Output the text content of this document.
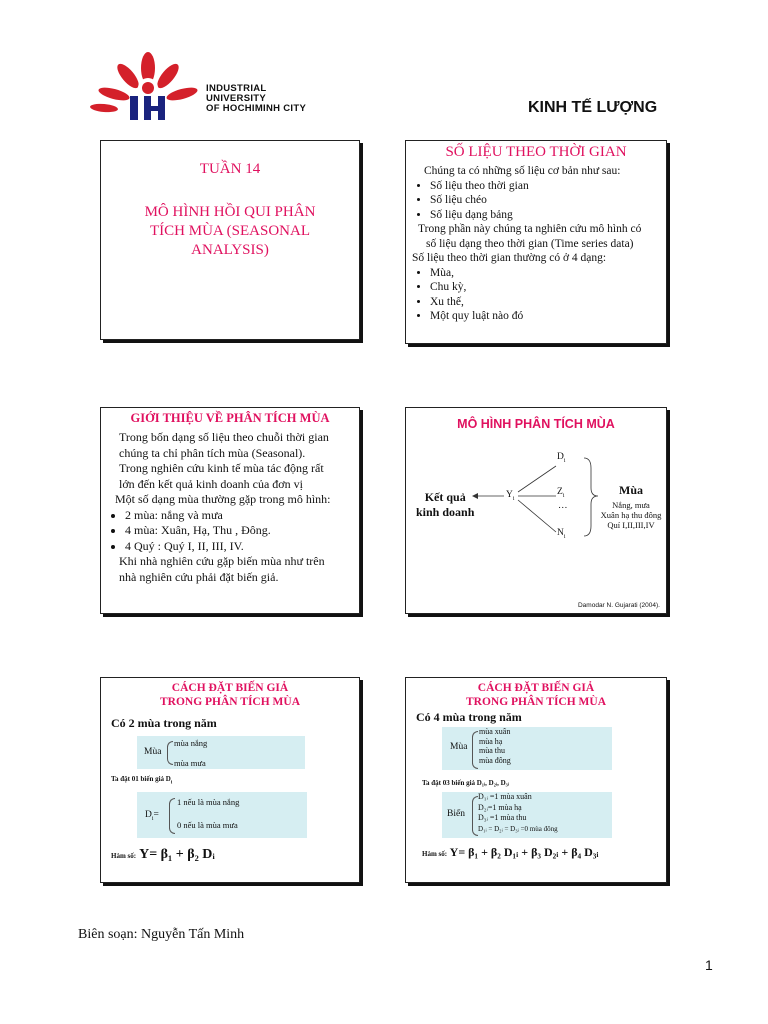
INDUSTRIAL
UNIVERSITY
OF HOCHIMINH CITY	KINH TẾ LƯỢNG
TUẦN 14
MÔ HÌNH HỒI QUI PHÂN
TÍCH MÙA (SEASONAL
ANALYSIS)
SỐ LIỆU THEO THỜI GIAN
Chúng ta có những số liệu cơ bản như sau:
• Số liệu theo thời gian
• Số liệu chéo
• Số liệu dạng bảng
Trong phần này chúng ta nghiên cứu mô hình có
số liệu dạng theo thời gian (Time series data)
Số liệu theo thời gian thường có ở 4 dạng:
• Mùa,
• Chu kỳ,
• Xu thế,
• Một quy luật nào đó
GIỚI THIỆU VỀ PHÂN TÍCH MÙA
Trong bốn dạng số liệu theo chuỗi thời gian
chúng ta chỉ phân tích mùa (Seasonal).
Trong nghiên cứu kinh tế mùa tác động rất
lớn đến kết quả kinh doanh của đơn vị
Một số dạng mùa thường gặp trong mô hình:
• 2 mùa: nắng và mưa
• 4 mùa: Xuân, Hạ, Thu , Đông.
• 4 Quý : Quý I, II, III, IV.
Khi nhà nghiên cứu gặp biến mùa như trên
nhà nghiên cứu phải đặt biến giả.
MÔ HÌNH PHÂN TÍCH MÙA
Kết quả
kinh doanh
$Y_i$
$D_i$
$Z_i$
…
$N_i$
Mùa
Nắng, mưa
Xuân hạ thu đông
Quí I,II,III,IV
Damodar N. Gujarati (2004).
CÁCH ĐẶT BIẾN GIẢ
TRONG PHÂN TÍCH MÙA
Có 2 mùa trong năm
Mùa
mùa nắng
mùa mưa
Ta đặt 01 biến giả $D_i$
$D_i=$
1 nếu là mùa nắng
0 nếu là mùa mưa
Hàm số: Y= β₁ + β₂ Dᵢ
CÁCH ĐẶT BIẾN GIẢ
TRONG PHÂN TÍCH MÙA
Có 4 mùa trong năm
Mùa
mùa xuân
mùa hạ
mùa thu
mùa đông
Ta đặt 03 biến giả D₁ᵢ, D₂ᵢ, D₃ᵢ
Biến
D₁ᵢ =1 mùa xuân
D₂ᵢ=1 mùa hạ
D₃ᵢ =1 mùa thu
D₁ᵢ = D₂ᵢ = D₃ᵢ =0 mùa đông
Hàm số: Y= β₁ + β₂ D₁ᵢ + β₃ D₂ᵢ + β₄ D₃ᵢ
Biên soạn: Nguyễn Tấn Minh
1
